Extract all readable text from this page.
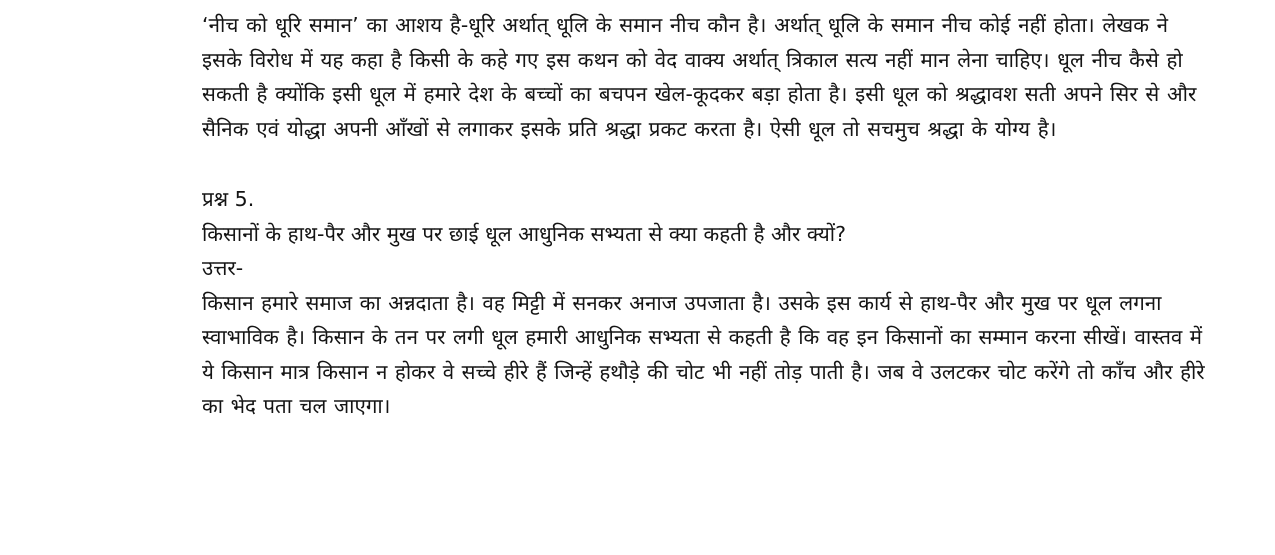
‘नीच को धूरि समान’ का आशय है-धूरि अर्थात् धूलि के समान नीच कौन है। अर्थात् धूलि के समान नीच कोई नहीं होता। लेखक ने इसके विरोध में यह कहा है किसी के कहे गए इस कथन को वेद वाक्य अर्थात् त्रिकाल सत्य नहीं मान लेना चाहिए। धूल नीच कैसे हो सकती है क्योंकि इसी धूल में हमारे देश के बच्चों का बचपन खेल-कूदकर बड़ा होता है। इसी धूल को श्रद्धावश सती अपने सिर से और सैनिक एवं योद्धा अपनी आँखों से लगाकर इसके प्रति श्रद्धा प्रकट करता है। ऐसी धूल तो सचमुच श्रद्धा के योग्य है।

प्रश्न 5.

किसानों के हाथ-पैर और मुख पर छाई धूल आधुनिक सभ्यता से क्या कहती है और क्यों?

उत्तर-

किसान हमारे समाज का अन्नदाता है। वह मिट्टी में सनकर अनाज उपजाता है। उसके इस कार्य से हाथ-पैर और मुख पर धूल लगना स्वाभाविक है। किसान के तन पर लगी धूल हमारी आधुनिक सभ्यता से कहती है कि वह इन किसानों का सम्मान करना सीखें। वास्तव में ये किसान मात्र किसान न होकर वे सच्चे हीरे हैं जिन्हें हथौड़े की चोट भी नहीं तोड़ पाती है। जब वे उलटकर चोट करेंगे तो काँच और हीरे का भेद पता चल जाएगा।
